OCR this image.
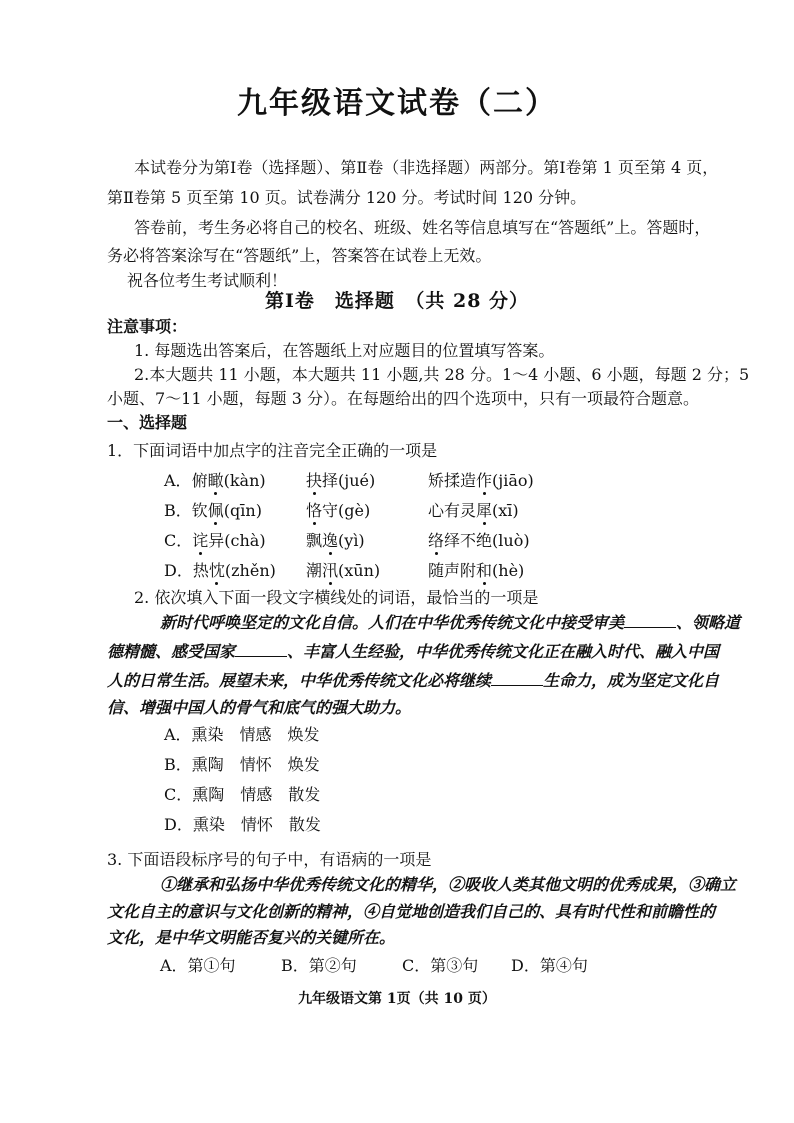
九年级语文试卷（二）
本试卷分为第Ⅰ卷（选择题）、第Ⅱ卷（非选择题）两部分。第Ⅰ卷第 1 页至第 4 页，
第Ⅱ卷第 5 页至第 10 页。试卷满分 120 分。考试时间 120 分钟。
答卷前，考生务必将自己的校名、班级、姓名等信息填写在“答题纸”上。答题时，
务必将答案涂写在“答题纸”上，答案答在试卷上无效。
祝各位考生考试顺利！
第Ⅰ卷　选择题　（共 28 分）
注意事项：
1. 每题选出答案后，在答题纸上对应题目的位置填写答案。
2.本大题共 11 小题，本大题共 11 小题,共 28 分。1～4 小题、6 小题，每题 2 分；5
小题、7～11 小题，每题 3 分）。在每题给出的四个选项中，只有一项最符合题意。
一、选择题
1．下面词语中加点字的注音完全正确的一项是
A．俯瞰(kàn)	抉择(jué)	矫揉造作(jiāo)
B．钦佩(qīn)	恪守(gè)	心有灵犀(xī)
C．诧异(chà)	飘逸(yì)	络绎不绝(luò)
D．热忱(zhěn) 潮汛(xūn)	随声附和(hè)
2. 依次填入下面一段文字横线处的词语，最恰当的一项是
新时代呼唤坚定的文化自信。人们在中华优秀传统文化中接受审美	、领略道
德精髓、感受国家	、丰富人生经验，中华优秀传统文化正在融入时代、融入中国
人的日常生活。展望未来，中华优秀传统文化必将继续	生命力，成为坚定文化自
信、增强中国人的骨气和底气的强大助力。
A．熏染　情感　焕发
B．熏陶　情怀　焕发
C．熏陶　情感　散发
D．熏染　情怀　散发
3. 下面语段标序号的句子中，有语病的一项是
①继承和弘扬中华优秀传统文化的精华，②吸收人类其他文明的优秀成果，③确立
文化自主的意识与文化创新的精神，④自觉地创造我们自己的、具有时代性和前瞻性的
文化，是中华文明能否复兴的关键所在。
A．第①句	B．第②句	C．第③句 D．第④句
九年级语文第 1页（共 10 页）
